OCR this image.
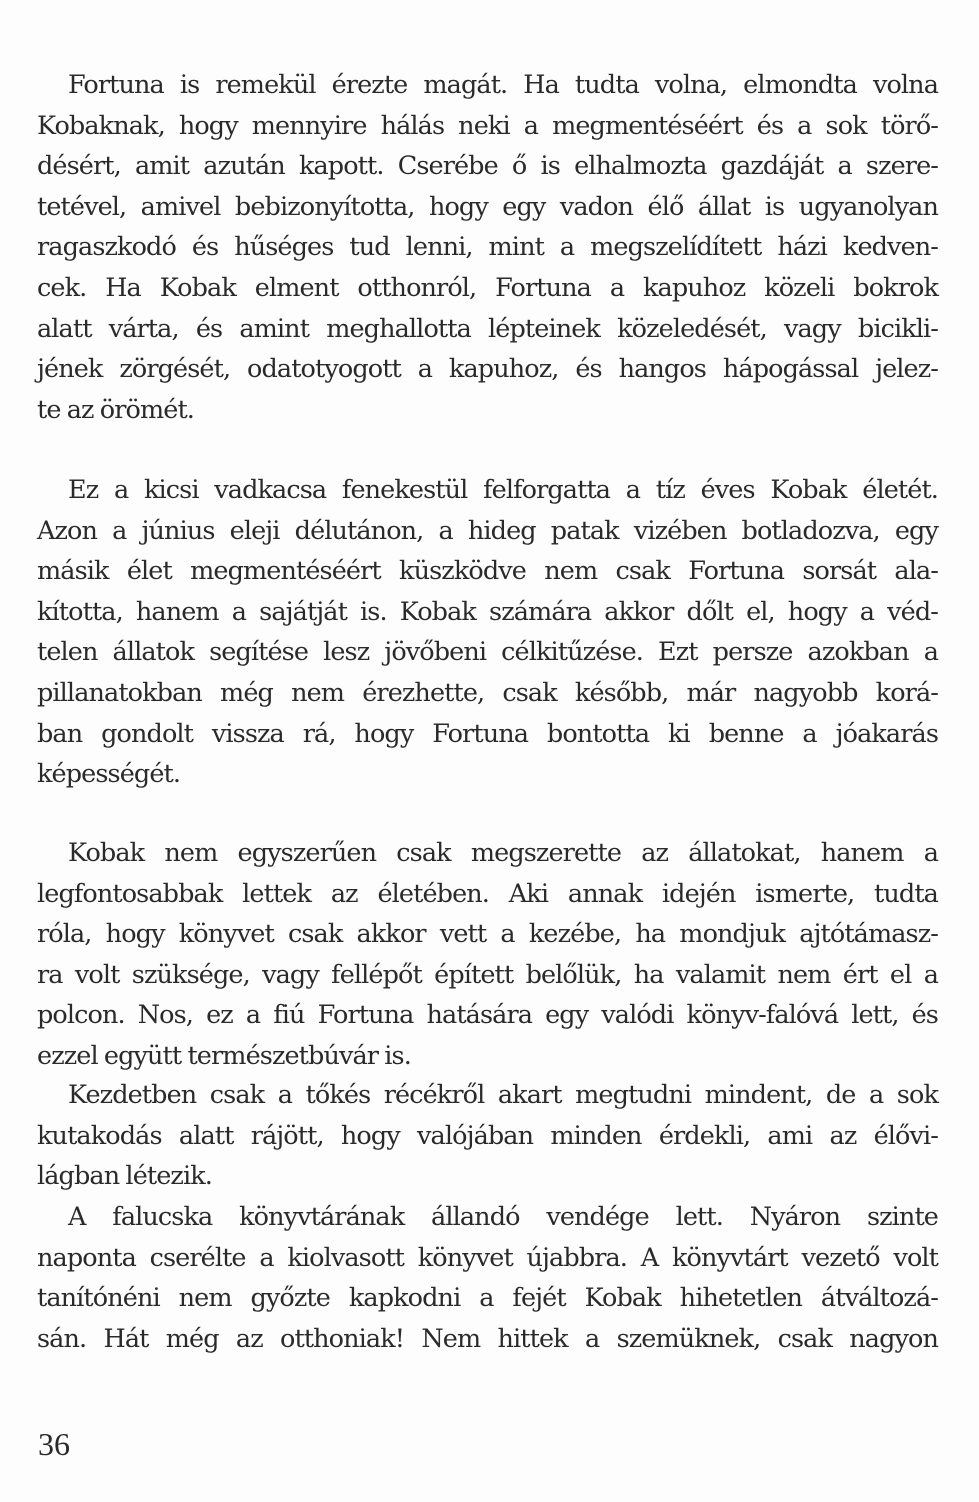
Fortuna is remekül érezte magát. Ha tudta volna, elmondta volna
Kobaknak, hogy mennyire hálás neki a megmentéséért és a sok törő-
désért, amit azután kapott. Cserébe ő is elhalmozta gazdáját a szere-
tetével, amivel bebizonyította, hogy egy vadon élő állat is ugyanolyan
ragaszkodó és hűséges tud lenni, mint a megszelídített házi kedven-
cek. Ha Kobak elment otthonról, Fortuna a kapuhoz közeli bokrok
alatt várta, és amint meghallotta lépteinek közeledését, vagy bicikli-
jének zörgését, odatotyogott a kapuhoz, és hangos hápogással jelez-
te az örömét.
Ez a kicsi vadkacsa fenekestül felforgatta a tíz éves Kobak életét.
Azon a június eleji délutánon, a hideg patak vizében botladozva, egy
másik élet megmentéséért küszködve nem csak Fortuna sorsát ala-
kította, hanem a sajátját is. Kobak számára akkor dőlt el, hogy a véd-
telen állatok segítése lesz jövőbeni célkitűzése. Ezt persze azokban a
pillanatokban még nem érezhette, csak később, már nagyobb korá-
ban gondolt vissza rá, hogy Fortuna bontotta ki benne a jóakarás
képességét.
Kobak nem egyszerűen csak megszerette az állatokat, hanem a
legfontosabbak lettek az életében. Aki annak idején ismerte, tudta
róla, hogy könyvet csak akkor vett a kezébe, ha mondjuk ajtótámasz-
ra volt szüksége, vagy fellépőt épített belőlük, ha valamit nem ért el a
polcon. Nos, ez a fiú Fortuna hatására egy valódi könyv-falóvá lett, és
ezzel együtt természetbúvár is.
Kezdetben csak a tőkés récékről akart megtudni mindent, de a sok
kutakodás alatt rájött, hogy valójában minden érdekli, ami az élővi-
lágban létezik.
A falucska könyvtárának állandó vendége lett. Nyáron szinte
naponta cserélte a kiolvasott könyvet újabbra. A könyvtárt vezető volt
tanítónéni nem győzte kapkodni a fejét Kobak hihetetlen átváltozá-
sán. Hát még az otthoniak! Nem hittek a szemüknek, csak nagyon
36
